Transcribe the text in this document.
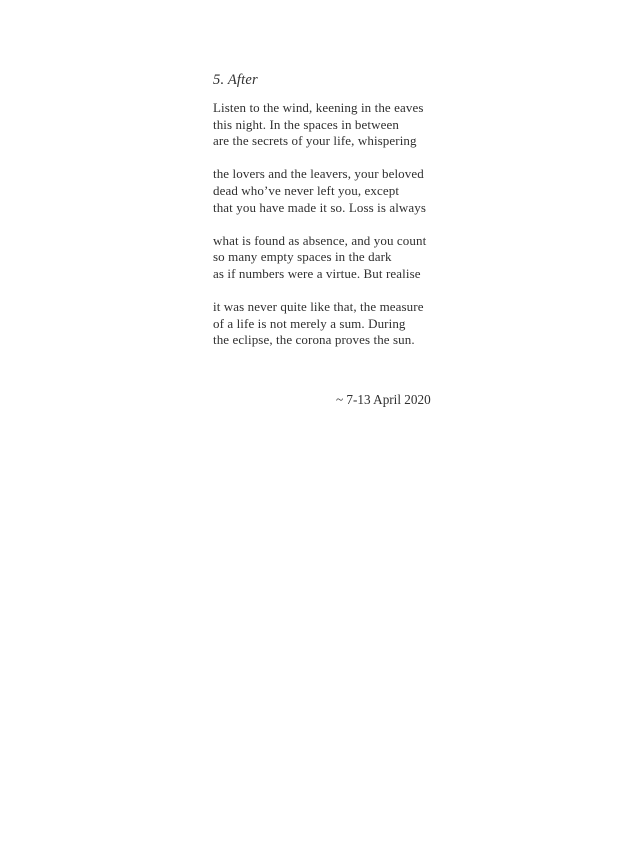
5. After

Listen to the wind, keening in the eaves
this night. In the spaces in between
are the secrets of your life, whispering

the lovers and the leavers, your beloved
dead who’ve never left you, except
that you have made it so. Loss is always

what is found as absence, and you count
so many empty spaces in the dark
as if numbers were a virtue. But realise

it was never quite like that, the measure
of a life is not merely a sum. During
the eclipse, the corona proves the sun.

~ 7-13 April 2020
